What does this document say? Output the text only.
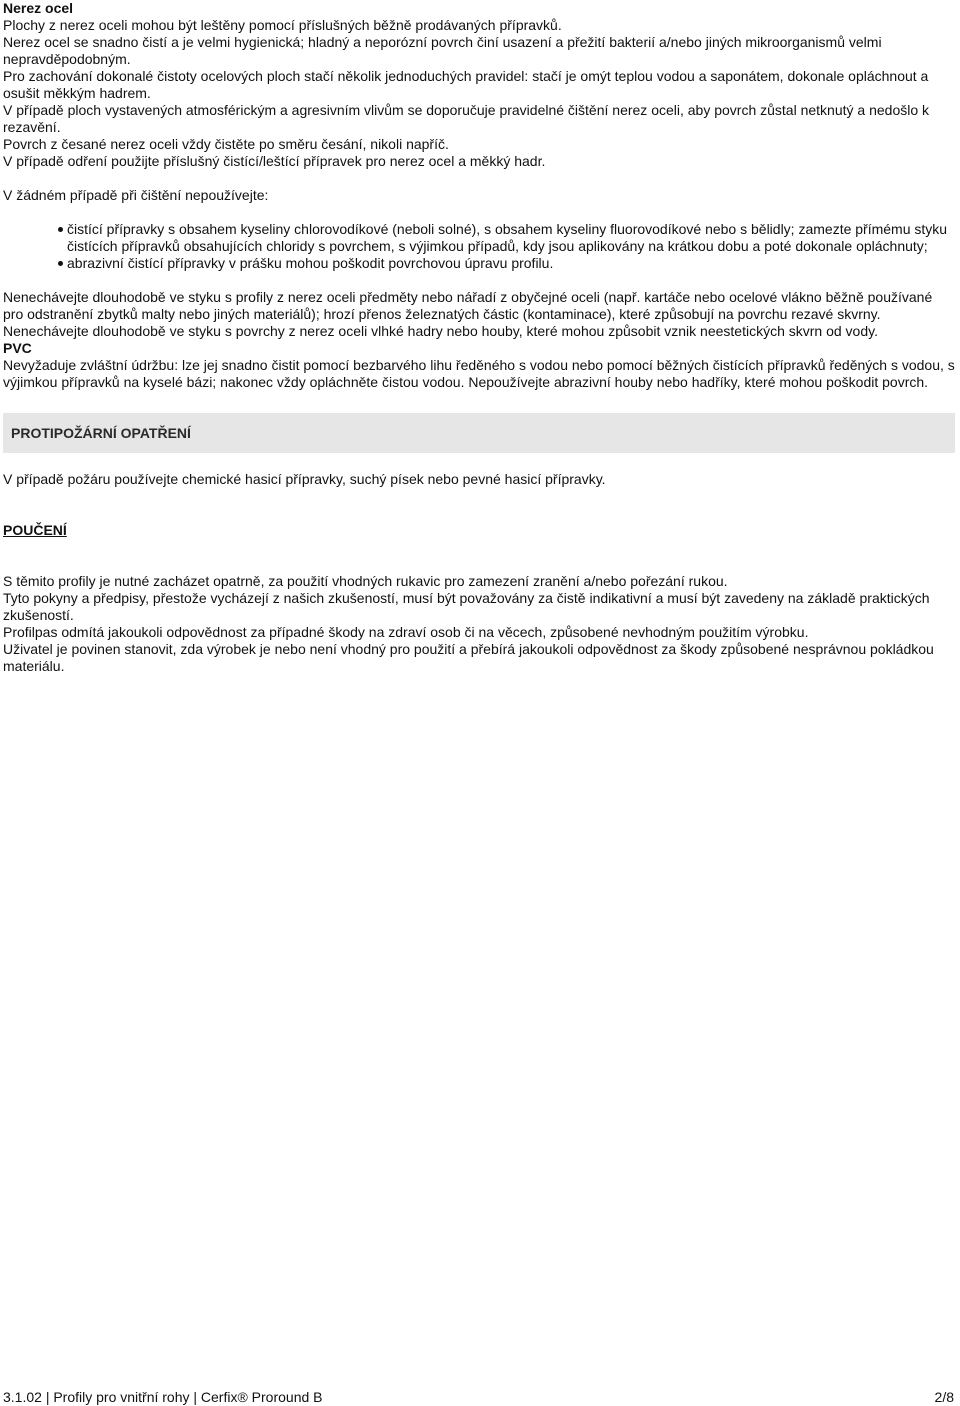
Nerez ocel

Plochy z nerez oceli mohou být leštěny pomocí příslušných běžně prodávaných přípravků.

Nerez ocel se snadno čistí a je velmi hygienická; hladný a neporózní povrch činí usazení a přežití bakterií a/nebo jiných mikroorganismů velmi nepravděpodobným.

Pro zachování dokonalé čistoty ocelových ploch stačí několik jednoduchých pravidel: stačí je omýt teplou vodou a saponátem, dokonale opláchnout a osušit měkkým hadrem.

V případě ploch vystavených atmosférickým a agresivním vlivům se doporučuje pravidelné čištění nerez oceli, aby povrch zůstal netknutý a nedošlo k rezavění.

Povrch z česané nerez oceli vždy čistěte po směru česání, nikoli napříč.

V případě odření použijte příslušný čistící/leštící přípravek pro nerez ocel a měkký hadr.

V žádném případě při čištění nepoužívejte:

čistící přípravky s obsahem kyseliny chlorovodíkové (neboli solné), s obsahem kyseliny fluorovodíkové nebo s bělidly; zamezte přímému styku čistících přípravků obsahujících chloridy s povrchem, s výjimkou případů, kdy jsou aplikovány na krátkou dobu a poté dokonale opláchnuty;
abrazivní čistící přípravky v prášku mohou poškodit povrchovou úpravu profilu.

Nenechávejte dlouhodobě ve styku s profily z nerez oceli předměty nebo nářadí z obyčejné oceli (např. kartáče nebo ocelové vlákno běžně používané pro odstranění zbytků malty nebo jiných materiálů); hrozí přenos železnatých částic (kontaminace), které způsobují na povrchu rezavé skvrny.

Nenechávejte dlouhodobě ve styku s povrchy z nerez oceli vlhké hadry nebo houby, které mohou způsobit vznik neestetických skvrn od vody.

PVC

Nevyžaduje zvláštní údržbu: lze jej snadno čistit pomocí bezbarvého lihu ředěného s vodou nebo pomocí běžných čistících přípravků ředěných s vodou, s výjimkou přípravků na kyselé bázi; nakonec vždy opláchněte čistou vodou. Nepoužívejte abrazivní houby nebo hadříky, které mohou poškodit povrch.

PROTIPOŽÁRNÍ OPATŘENÍ

V případě požáru používejte chemické hasicí přípravky, suchý písek nebo pevné hasicí přípravky.

POUČENÍ

S těmito profily je nutné zacházet opatrně, za použití vhodných rukavic pro zamezení zranění a/nebo pořezání rukou.

Tyto pokyny a předpisy, přestože vycházejí z našich zkušeností, musí být považovány za čistě indikativní a musí být zavedeny na základě praktických zkušeností.

Profilpas odmítá jakoukoli odpovědnost za případné škody na zdraví osob či na věcech, způsobené nevhodným použitím výrobku.

Uživatel je povinen stanovit, zda výrobek je nebo není vhodný pro použití a přebírá jakoukoli odpovědnost za škody způsobené nesprávnou pokládkou materiálu.

3.1.02 | Profily pro vnitřní rohy | Cerfix® Proround B	2/8
